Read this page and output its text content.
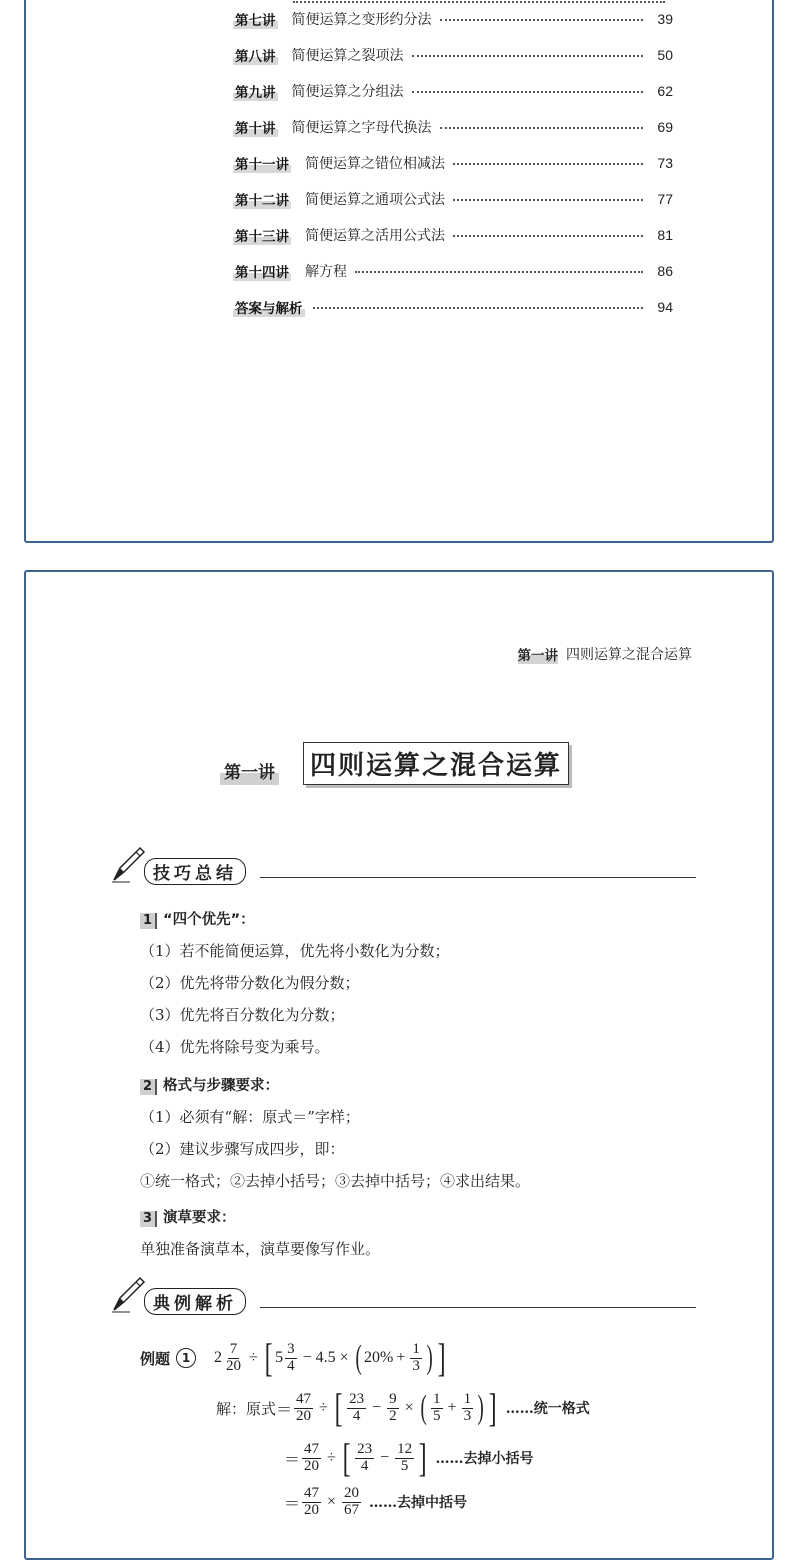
第七讲 简便运算之变形约分法	39
第八讲 简便运算之裂项法	50
第九讲 简便运算之分组法	62
第十讲 简便运算之字母代换法	69
第十一讲 简便运算之错位相减法	73
第十二讲 简便运算之通项公式法	77
第十三讲 简便运算之活用公式法	81
第十四讲 解方程	86
答案与解析	94
第一讲 四则运算之混合运算
第一讲 四则运算之混合运算
技巧总结
1 “四个优先”：
（1）若不能简便运算，优先将小数化为分数；
（2）优先将带分数化为假分数；
（3）优先将百分数化为分数；
（4）优先将除号变为乘号。
2 格式与步骤要求：
（1）必须有“解：原式＝”字样；
（2）建议步骤写成四步，即：
①统一格式；②去掉小括号；③去掉中括号；④求出结果。
3 演草要求：
单独准备演草本，演草要像写作业。
典例解析
例题 1	$2 \frac{7}{20}$ ÷ [ $5 \frac{3}{4} - 4.5$ × ( $20\% + \frac{1}{3}$ ) ]
解：原式 ＝ $\frac{47}{20}$ ÷ [ $\frac{23}{4} - \frac{9}{2}$ × ( $\frac{1}{5} + \frac{1}{3}$ ) ] ……统一格式
＝ $\frac{47}{20}$ ÷ [ $\frac{23}{4} - \frac{12}{5}$ ] ……去掉小括号
＝ $\frac{47}{20} \times \frac{20}{67}$ ……去掉中括号
